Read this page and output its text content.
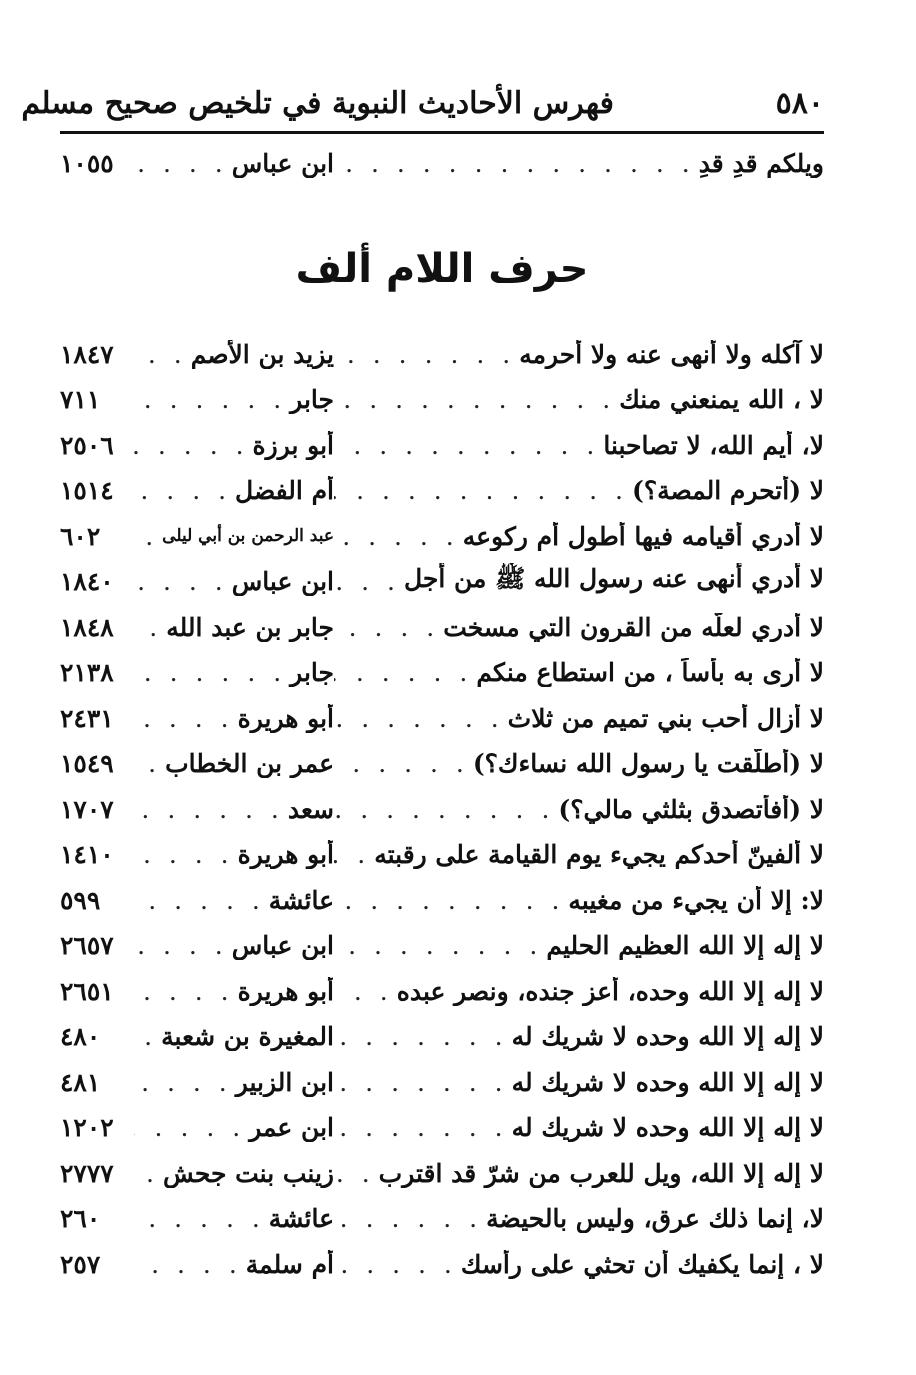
٥٨٠
فهرس الأحاديث النبوية في تلخيص صحيح مسلم
ويلكم قدِ قدِ
. . .
ابن عباس
. . .
١٠٥٥
حرف اللام ألف
لا آكله ولا أنهى عنه ولا أحرمه
. . .
يزيد بن الأصم
. . .
١٨٤٧
لا ، الله يمنعني منك
. . .
جابر
. . .
٧١١
لا، أيم الله، لا تصاحبنا
. . .
أبو برزة
. . .
٢٥٠٦
لا (أتحرم المصة؟)
. . .
أم الفضل
. . .
١٥١٤
لا أدري أقيامه فيها أطول أم ركوعه
. . .
عبد الرحمن بن أبي ليلى
. . .
٦٠٢
لا أدري أنهى عنه رسول الله ﷺ من أجل
. . .
ابن عباس
. . .
١٨٤٠
لا أدري لعلّه من القرون التي مسخت
. . .
جابر بن عبد الله
. . .
١٨٤٨
لا أرى به بأساً ، من استطاع منكم
. . .
جابر
. . .
٢١٣٨
لا أزال أحب بني تميم من ثلاث
. . .
أبو هريرة
. . .
٢٤٣١
لا (أطلّقت يا رسول الله نساءك؟)
. . .
عمر بن الخطاب
. . .
١٥٤٩
لا (أفأتصدق بثلثي مالي؟)
. . .
سعد
. . .
١٧٠٧
لا ألفينّ أحدكم يجيء يوم القيامة على رقبته
. . .
أبو هريرة
. . .
١٤١٠
لا: إلا أن يجيء من مغيبه
. . .
عائشة
. . .
٥٩٩
لا إله إلا الله العظيم الحليم
. . .
ابن عباس
. . .
٢٦٥٧
لا إله إلا الله وحده، أعز جنده، ونصر عبده
. . .
أبو هريرة
. . .
٢٦٥١
لا إله إلا الله وحده لا شريك له
. . .
المغيرة بن شعبة
. . .
٤٨٠
لا إله إلا الله وحده لا شريك له
. . .
ابن الزبير
. . .
٤٨١
لا إله إلا الله وحده لا شريك له
. . .
ابن عمر
. . .
١٢٠٢
لا إله إلا الله، ويل للعرب من شرّ قد اقترب
. . .
زينب بنت جحش
. . .
٢٧٧٧
لا، إنما ذلك عرق، وليس بالحيضة
. . .
عائشة
. . .
٢٦٠
لا ، إنما يكفيك أن تحثي على رأسك
. . .
أم سلمة
. . .
٢٥٧
